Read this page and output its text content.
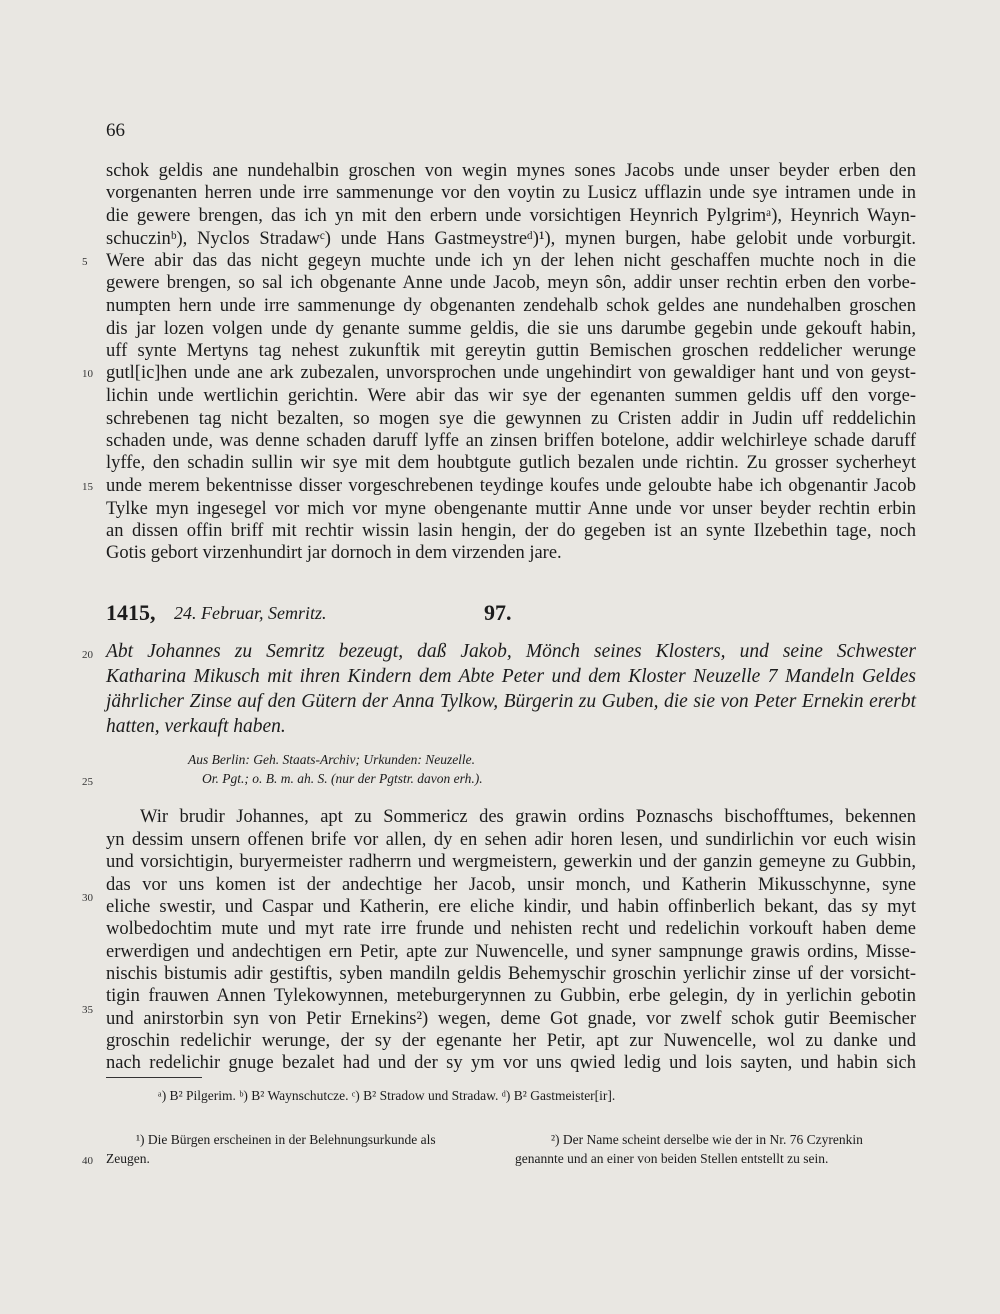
66
schok geldis ane nundehalbin groschen von wegin mynes sones Jacobs unde unser beyder erben den
vorgenanten herren unde irre sammenunge vor den voytin zu Lusicz ufflazin unde sye intramen unde in
die gewere brengen, das ich yn mit den erbern unde vorsichtigen Heynrich Pylgrimᵃ), Heynrich Wayn-
schuczinᵇ), Nyclos Stradawᶜ) unde Hans Gastmeystreᵈ)¹), mynen burgen, habe gelobit unde vorburgit.
Were abir das das nicht gegeyn muchte unde ich yn der lehen nicht geschaffen muchte noch in die
gewere brengen, so sal ich obgenante Anne unde Jacob, meyn sȏn, addir unser rechtin erben den vorbe-
numpten hern unde irre sammenunge dy obgenanten zendehalb schok geldes ane nundehalben groschen
dis jar lozen volgen unde dy genante summe geldis, die sie uns darumbe gegebin unde gekouft habin,
uff synte Mertyns tag nehest zukunftik mit gereytin guttin Bemischen groschen reddelicher werunge
gutl[ic]hen unde ane ark zubezalen, unvorsprochen unde ungehindirt von gewaldiger hant und von geyst-
lichin unde wertlichin gerichtin. Were abir das wir sye der egenanten summen geldis uff den vorge-
schrebenen tag nicht bezalten, so mogen sye die gewynnen zu Cristen addir in Judin uff reddelichin
schaden unde, was denne schaden daruff lyffe an zinsen briffen botelone, addir welchirleye schade daruff
lyffe, den schadin sullin wir sye mit dem houbtgute gutlich bezalen unde richtin. Zu grosser sycherheyt
unde merem bekentnisse disser vorgeschrebenen teydinge koufes unde geloubte habe ich obgenantir Jacob
Tylke myn ingesegel vor mich vor myne obengenante muttir Anne unde vor unser beyder rechtin erbin
an dissen offin briff mit rechtir wissin lasin hengin, der do gegeben ist an synte Ilzebethin tage, noch
Gotis gebort virzenhundirt jar dornoch in dem virzenden jare.
1415, 24. Februar, Semritz.	97.
Abt Johannes zu Semritz bezeugt, daß Jakob, Mönch seines Klosters, und seine Schwester
Katharina Mikusch mit ihren Kindern dem Abte Peter und dem Kloster Neuzelle 7 Mandeln Geldes
jährlicher Zinse auf den Gütern der Anna Tylkow, Bürgerin zu Guben, die sie von Peter Ernekin ererbt
hatten, verkauft haben.
Aus Berlin: Geh. Staats-Archiv; Urkunden: Neuzelle.
Or. Pgt.; o. B. m. ah. S. (nur der Pgtstr. davon erh.).
Wir brudir Johannes, apt zu Sommericz des grawin ordins Poznaschs bischofftumes, bekennen
yn dessim unsern offenen brife vor allen, dy en sehen adir horen lesen, und sundirlichin vor euch wisin
und vorsichtigin, buryermeister radherrn und wergmeistern, gewerkin und der ganzin gemeyne zu Gubbin,
das vor uns komen ist der andechtige her Jacob, unsir monch, und Katherin Mikusschynne, syne
eliche swestir, und Caspar und Katherin, ere eliche kindir, und habin offinberlich bekant, das sy myt
wolbedochtim mute und myt rate irre frunde und nehisten recht und redelichin vorkouft haben deme
erwerdigen und andechtigen ern Petir, apte zur Nuwencelle, und syner sampnunge grawis ordins, Misse-
nischis bistumis adir gestiftis, syben mandiln geldis Behemyschir groschin yerlichir zinse uf der vorsicht-
tigin frauwen Annen Tylekowynnen, meteburgerynnen zu Gubbin, erbe gelegin, dy in yerlichin gebotin
und anirstorbin syn von Petir Ernekins²) wegen, deme Got gnade, vor zwelf schok gutir Beemischer
groschin redelichir werunge, der sy der egenante her Petir, apt zur Nuwencelle, wol zu danke und
nach redelichir gnuge bezalet had und der sy ym vor uns qwied ledig und lois sayten, und habin sich
ᵃ) B² Pilgerim. ᵇ) B² Waynschutcze. ᶜ) B² Stradow und Stradaw. ᵈ) B² Gastmeister[ir].
¹) Die Bürgen erscheinen in der Belehnungsurkunde als
Zeugen.
²) Der Name scheint derselbe wie der in Nr. 76 Czyrenkin
genannte und an einer von beiden Stellen entstellt zu sein.
5
10
15
20
25
30
35
40
